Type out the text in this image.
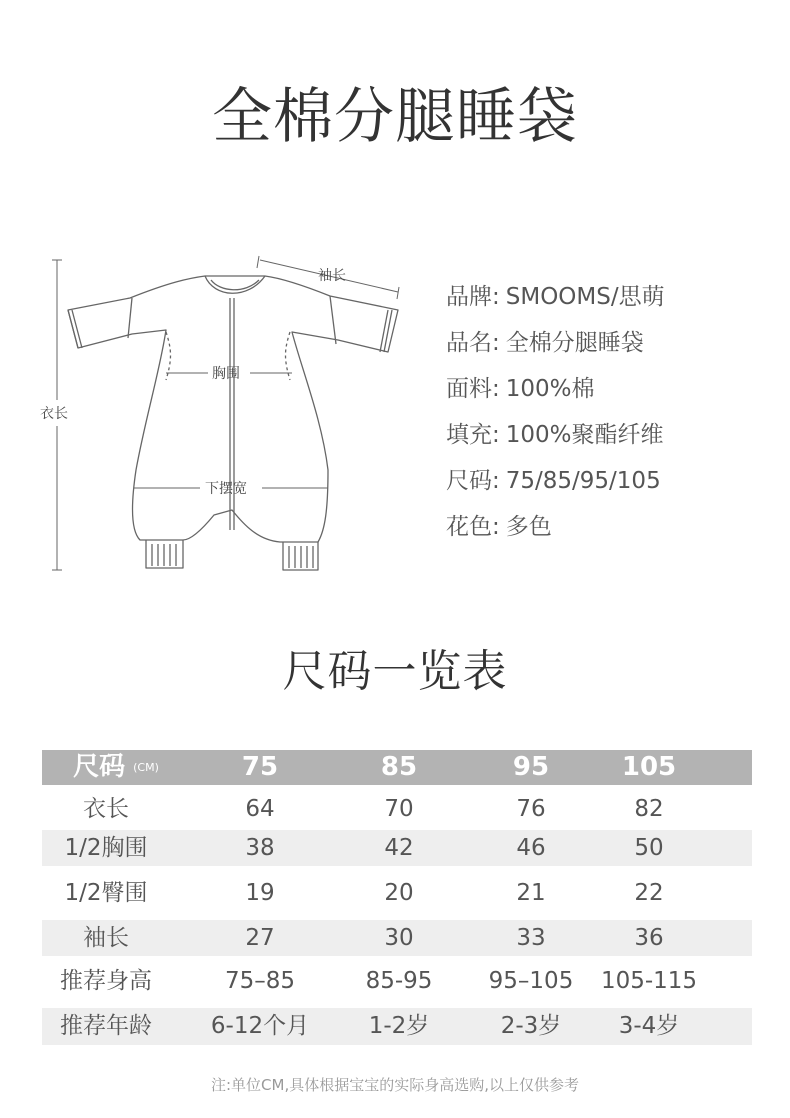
全棉分腿睡袋
衣长
袖长
胸围
下摆宽
品牌: SMOOMS/思萌
品名: 全棉分腿睡袋
面料: 100%棉
填充: 100%聚酯纤维
尺码: 75/85/95/105
花色: 多色
尺码一览表
尺码 (CM)	75	85	95	105
衣长	64	70	76	82
1/2胸围	38	42	46	50
1/2臀围	19	20	21	22
袖长	27	30	33	36
推荐身高	75–85	85-95	95–105	105-115
推荐年龄	6-12个月	1-2岁	2-3岁	3-4岁
注:单位CM,具体根据宝宝的实际身高选购,以上仅供参考
